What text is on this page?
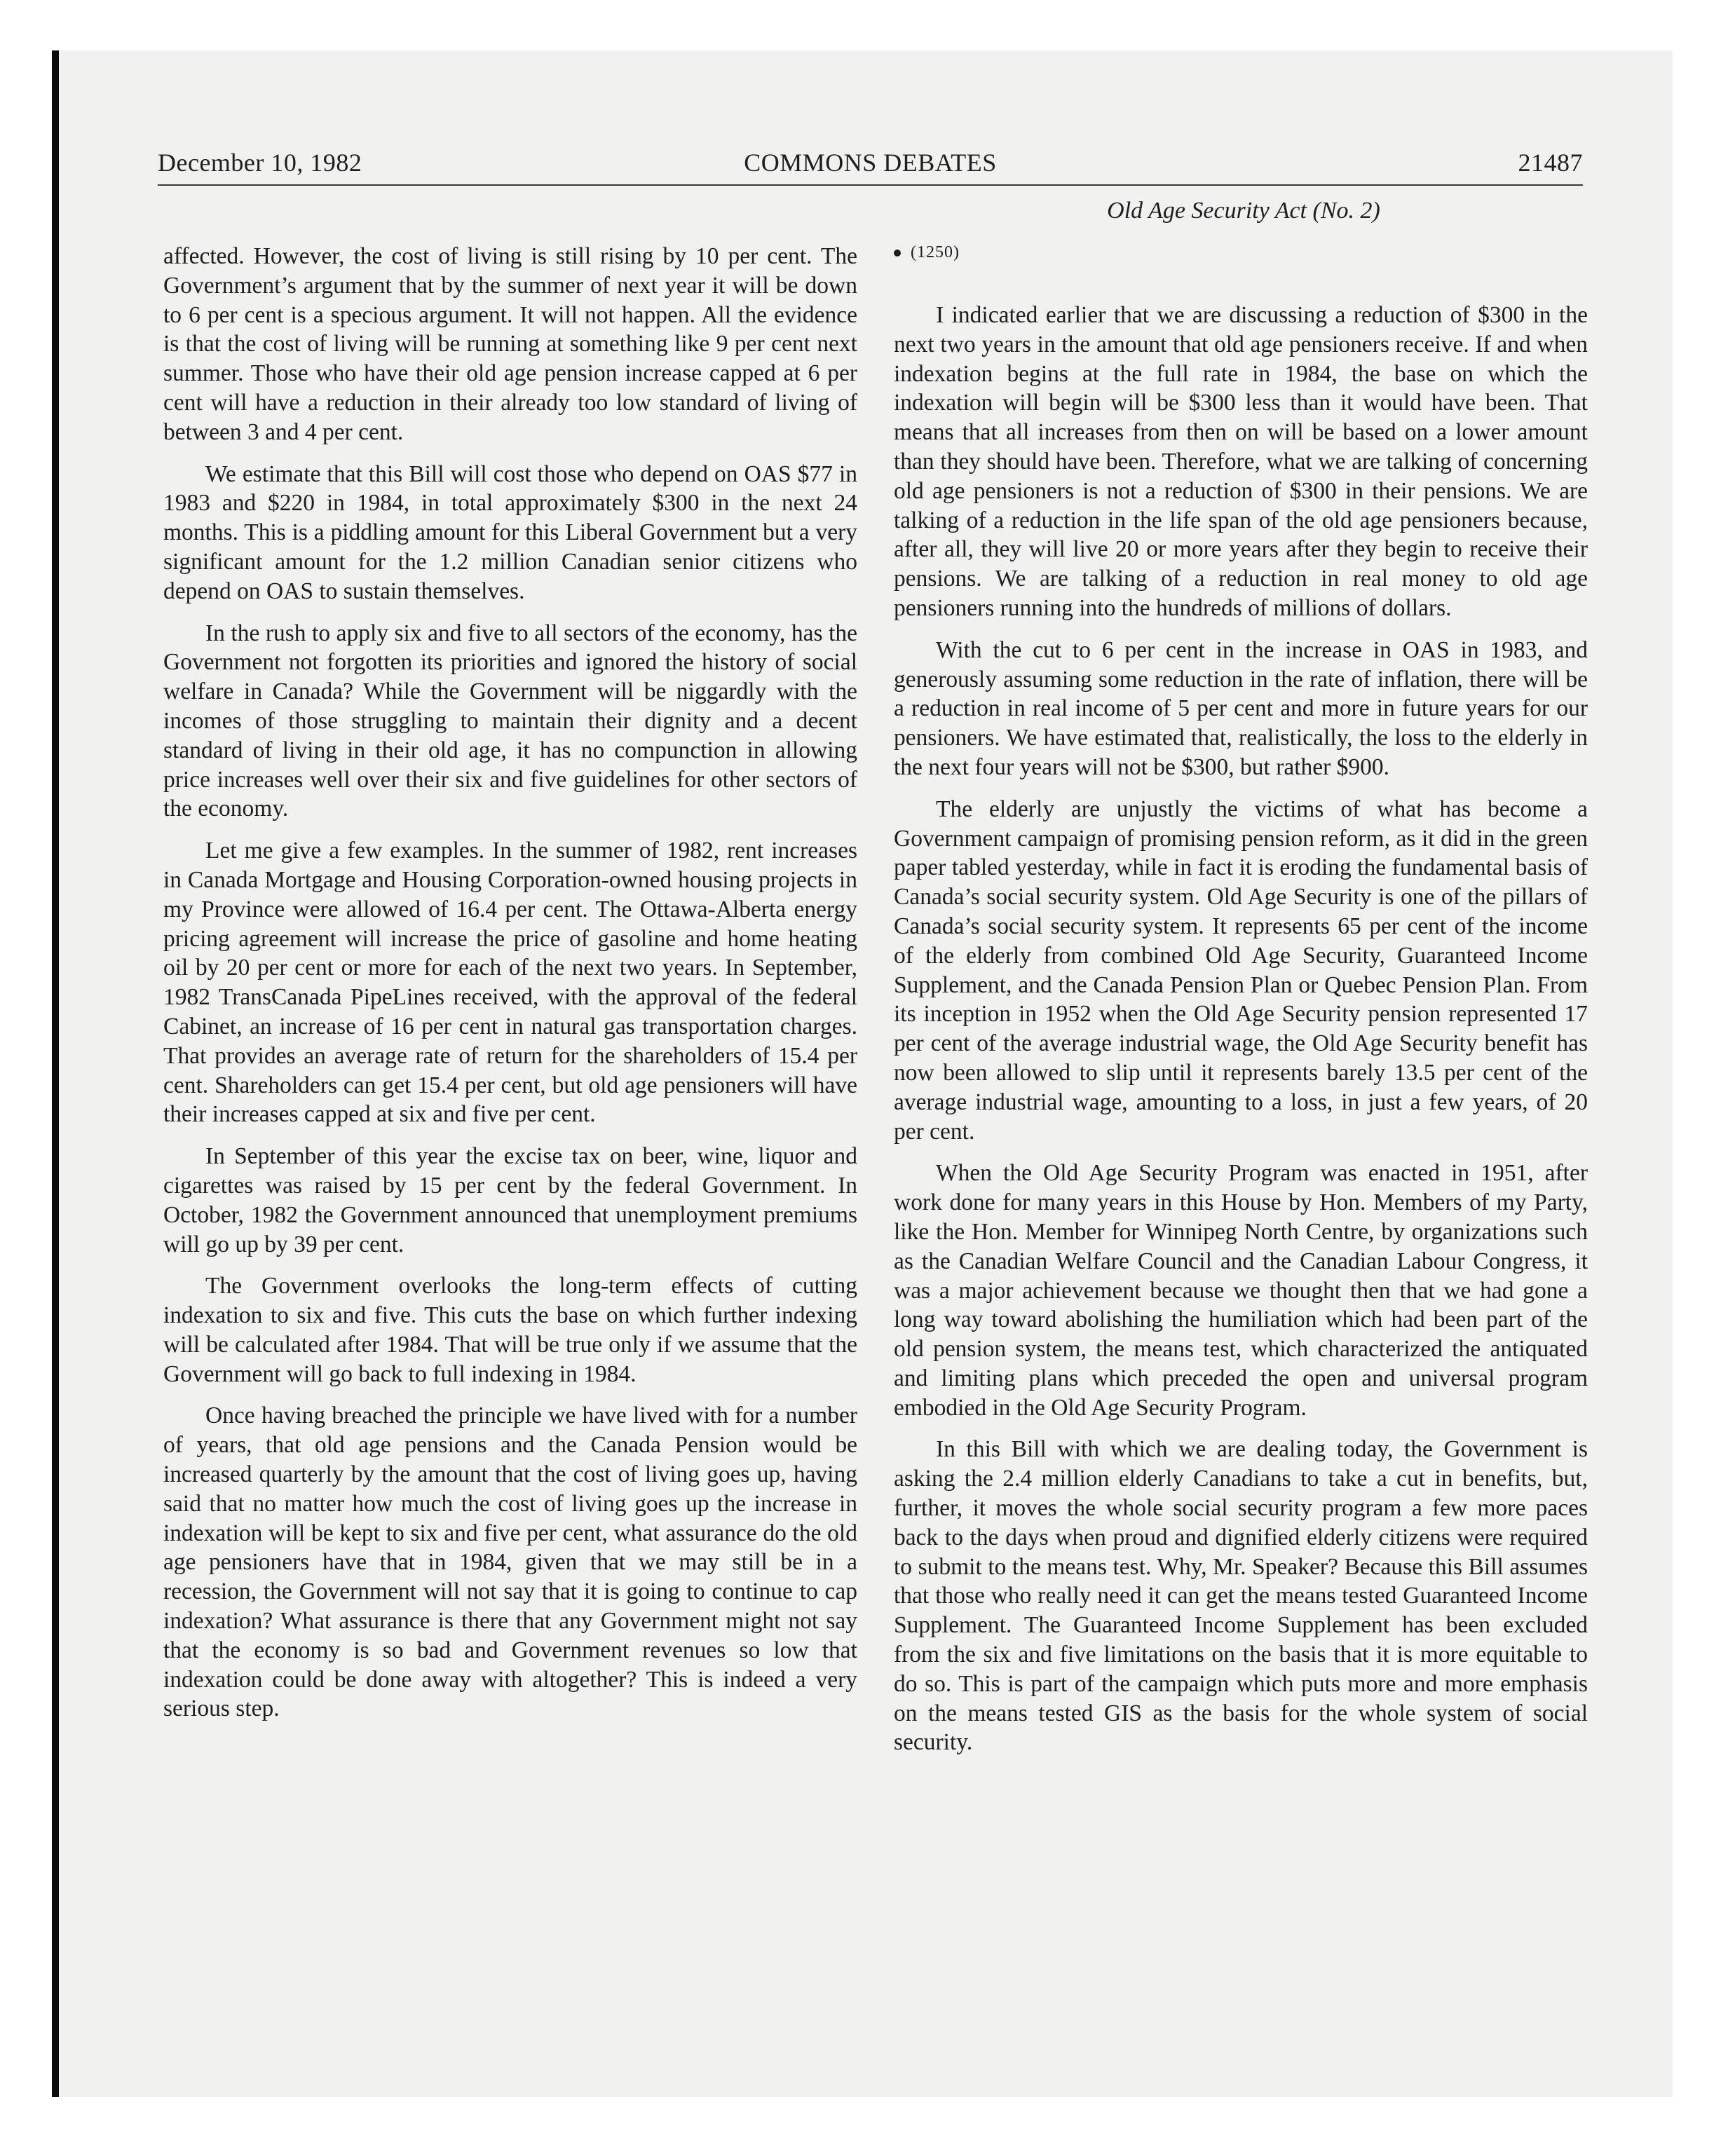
December 10, 1982	COMMONS DEBATES	21487
Old Age Security Act (No. 2)

affected. However, the cost of living is still rising by 10 per cent. The Government’s argument that by the summer of next year it will be down to 6 per cent is a specious argument. It will not happen. All the evidence is that the cost of living will be running at something like 9 per cent next summer. Those who have their old age pension increase capped at 6 per cent will have a reduction in their already too low standard of living of between 3 and 4 per cent.

We estimate that this Bill will cost those who depend on OAS $77 in 1983 and $220 in 1984, in total approximately $300 in the next 24 months. This is a piddling amount for this Liberal Government but a very significant amount for the 1.2 million Canadian senior citizens who depend on OAS to sustain themselves.

In the rush to apply six and five to all sectors of the economy, has the Government not forgotten its priorities and ignored the history of social welfare in Canada? While the Government will be niggardly with the incomes of those struggling to maintain their dignity and a decent standard of living in their old age, it has no compunction in allowing price increases well over their six and five guidelines for other sectors of the economy.

Let me give a few examples. In the summer of 1982, rent increases in Canada Mortgage and Housing Corporation-owned housing projects in my Province were allowed of 16.4 per cent. The Ottawa-Alberta energy pricing agreement will increase the price of gasoline and home heating oil by 20 per cent or more for each of the next two years. In September, 1982 TransCanada PipeLines received, with the approval of the federal Cabinet, an increase of 16 per cent in natural gas transportation charges. That provides an average rate of return for the shareholders of 15.4 per cent. Shareholders can get 15.4 per cent, but old age pensioners will have their increases capped at six and five per cent.

In September of this year the excise tax on beer, wine, liquor and cigarettes was raised by 15 per cent by the federal Government. In October, 1982 the Government announced that unemployment premiums will go up by 39 per cent.

The Government overlooks the long-term effects of cutting indexation to six and five. This cuts the base on which further indexing will be calculated after 1984. That will be true only if we assume that the Government will go back to full indexing in 1984.

Once having breached the principle we have lived with for a number of years, that old age pensions and the Canada Pension would be increased quarterly by the amount that the cost of living goes up, having said that no matter how much the cost of living goes up the increase in indexation will be kept to six and five per cent, what assurance do the old age pensioners have that in 1984, given that we may still be in a recession, the Government will not say that it is going to continue to cap indexation? What assurance is there that any Government might not say that the economy is so bad and Government revenues so low that indexation could be done away with altogether? This is indeed a very serious step.

(1250)

I indicated earlier that we are discussing a reduction of $300 in the next two years in the amount that old age pensioners receive. If and when indexation begins at the full rate in 1984, the base on which the indexation will begin will be $300 less than it would have been. That means that all increases from then on will be based on a lower amount than they should have been. Therefore, what we are talking of concerning old age pensioners is not a reduction of $300 in their pensions. We are talking of a reduction in the life span of the old age pensioners because, after all, they will live 20 or more years after they begin to receive their pensions. We are talking of a reduction in real money to old age pensioners running into the hundreds of millions of dollars.

With the cut to 6 per cent in the increase in OAS in 1983, and generously assuming some reduction in the rate of inflation, there will be a reduction in real income of 5 per cent and more in future years for our pensioners. We have estimated that, realistically, the loss to the elderly in the next four years will not be $300, but rather $900.

The elderly are unjustly the victims of what has become a Government campaign of promising pension reform, as it did in the green paper tabled yesterday, while in fact it is eroding the fundamental basis of Canada’s social security system. Old Age Security is one of the pillars of Canada’s social security system. It represents 65 per cent of the income of the elderly from combined Old Age Security, Guaranteed Income Supplement, and the Canada Pension Plan or Quebec Pension Plan. From its inception in 1952 when the Old Age Security pension represented 17 per cent of the average industrial wage, the Old Age Security benefit has now been allowed to slip until it represents barely 13.5 per cent of the average industrial wage, amounting to a loss, in just a few years, of 20 per cent.

When the Old Age Security Program was enacted in 1951, after work done for many years in this House by Hon. Members of my Party, like the Hon. Member for Winnipeg North Centre, by organizations such as the Canadian Welfare Council and the Canadian Labour Congress, it was a major achievement because we thought then that we had gone a long way toward abolishing the humiliation which had been part of the old pension system, the means test, which characterized the antiquated and limiting plans which preceded the open and universal program embodied in the Old Age Security Program.

In this Bill with which we are dealing today, the Government is asking the 2.4 million elderly Canadians to take a cut in benefits, but, further, it moves the whole social security program a few more paces back to the days when proud and dignified elderly citizens were required to submit to the means test. Why, Mr. Speaker? Because this Bill assumes that those who really need it can get the means tested Guaranteed Income Supplement. The Guaranteed Income Supplement has been excluded from the six and five limitations on the basis that it is more equitable to do so. This is part of the campaign which puts more and more emphasis on the means tested GIS as the basis for the whole system of social security.
